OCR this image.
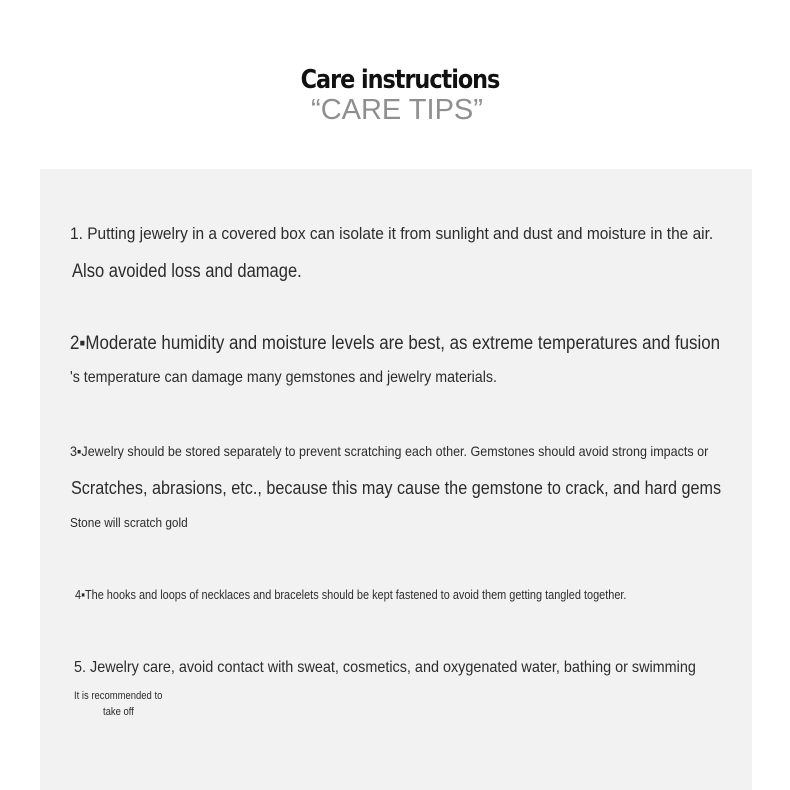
Care instructions
“CARE TIPS”

1. Putting jewelry in a covered box can isolate it from sunlight and dust and moisture in the air.

Also avoided loss and damage.

2▪Moderate humidity and moisture levels are best, as extreme temperatures and fusion

's temperature can damage many gemstones and jewelry materials.

3▪Jewelry should be stored separately to prevent scratching each other. Gemstones should avoid strong impacts or

Scratches, abrasions, etc., because this may cause the gemstone to crack, and hard gems

Stone will scratch gold

4▪The hooks and loops of necklaces and bracelets should be kept fastened to avoid them getting tangled together.

5. Jewelry care, avoid contact with sweat, cosmetics, and oxygenated water, bathing or swimming

It is recommended to

take off
